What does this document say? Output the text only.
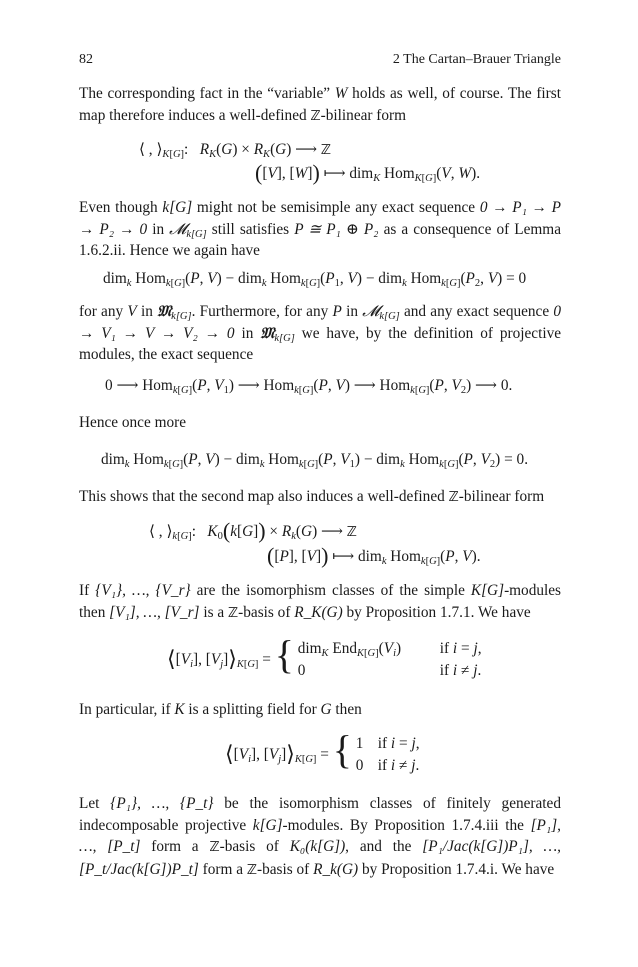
82	2 The Cartan–Brauer Triangle

The corresponding fact in the “variable” W holds as well, of course. The first map therefore induces a well-defined ℤ-bilinear form

⟨ , $⟩_{K[G]}$:   $R_K(G) \times R_K(G)$ ⟶ ℤ
([V], [W]) ⟼ dim$_K$ Hom$_{K[G]}$(V, W).

Even though k[G] might not be semisimple any exact sequence 0 → P₁ → P → P₂ → 0 in 𝓜$_{k[G]}$ still satisfies P ≅ P₁ ⊕ P₂ as a consequence of Lemma 1.6.2.ii. Hence we again have

dim$_k$ Hom$_{k[G]}$(P, V) − dim$_k$ $Hom_{k[G]}(P_1$, V) − dim$_k$ $Hom_{k[G]}(P_2$, V) = 0

for any V in 𝔐$_{k[G]}$. Furthermore, for any P in 𝓜$_{k[G]}$ and any exact sequence 0 → V₁ → V → V₂ → 0 in 𝔐$_{k[G]}$ we have, by the definition of projective modules, the exact sequence

0 ⟶ Hom$_{k[G]}$(P, $V_1$) ⟶ Hom$_{k[G]}$(P, V) ⟶ Hom$_{k[G]}$(P, $V_2$) ⟶ 0.

Hence once more

dim$_k$ Hom$_{k[G]}$(P, V) − dim$_k$ Hom$_{k[G]}$(P, $V_1) - dim_k$ Hom$_{k[G]}$(P, $V_2) = 0$.

This shows that the second map also induces a well-defined ℤ-bilinear form

⟨ , $⟩_{k[G]}$:   $K_0(k[G]) \times R_k(G)$ ⟶ ℤ
([P], [V]) ⟼ dim$_k$ Hom$_{k[G]}$(P, V).

If {V₁}, …, {V_r} are the isomorphism classes of the simple K[G]-modules then [V₁], …, [V_r] is a ℤ-basis of R_K(G) by Proposition 1.7.1. We have

$⟨[V_i]$, $[V_j]⟩_{K[G]}$ = { dim$_K$ $End_{K[G]}(V_i)$	if i = j,
0	if i ≠ j.

In particular, if K is a splitting field for G then

$⟨[V_i]$, $[V_j]⟩_{K[G]}$ = { 1 if i = j,
0 if i ≠ j.

Let {P₁}, …, {P_t} be the isomorphism classes of finitely generated indecomposable projective k[G]-modules. By Proposition 1.7.4.iii the [P₁], …, [P_t] form a ℤ-basis of K₀(k[G]), and the [P₁/Jac(k[G])P₁], …, [P_t/Jac(k[G])P_t] form a ℤ-basis of R_k(G) by Proposition 1.7.4.i. We have
